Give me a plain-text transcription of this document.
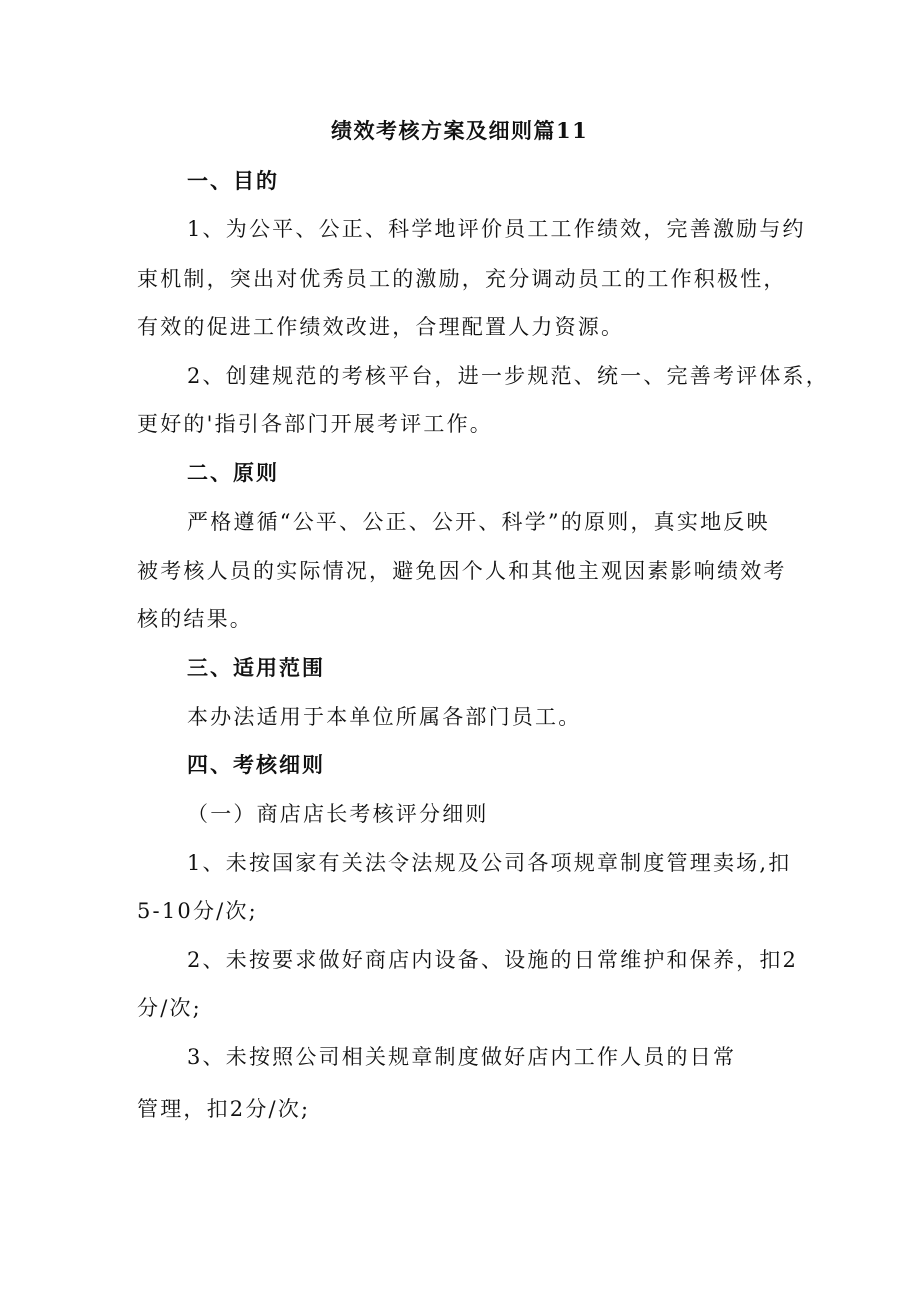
绩效考核方案及细则篇11
一、目的
1、为公平、公正、科学地评价员工工作绩效，完善激励与约
束机制，突出对优秀员工的激励，充分调动员工的工作积极性，
有效的促进工作绩效改进，合理配置人力资源。
2、创建规范的考核平台，进一步规范、统一、完善考评体系，
更好的'指引各部门开展考评工作。
二、原则
严格遵循“公平、公正、公开、科学”的原则，真实地反映
被考核人员的实际情况，避免因个人和其他主观因素影响绩效考
核的结果。
三、适用范围
本办法适用于本单位所属各部门员工。
四、考核细则
（一）商店店长考核评分细则
1、未按国家有关法令法规及公司各项规章制度管理卖场,扣
5-10分/次;
2、未按要求做好商店内设备、设施的日常维护和保养，扣2
分/次;
3、未按照公司相关规章制度做好店内工作人员的日常
管理，扣2分/次;
